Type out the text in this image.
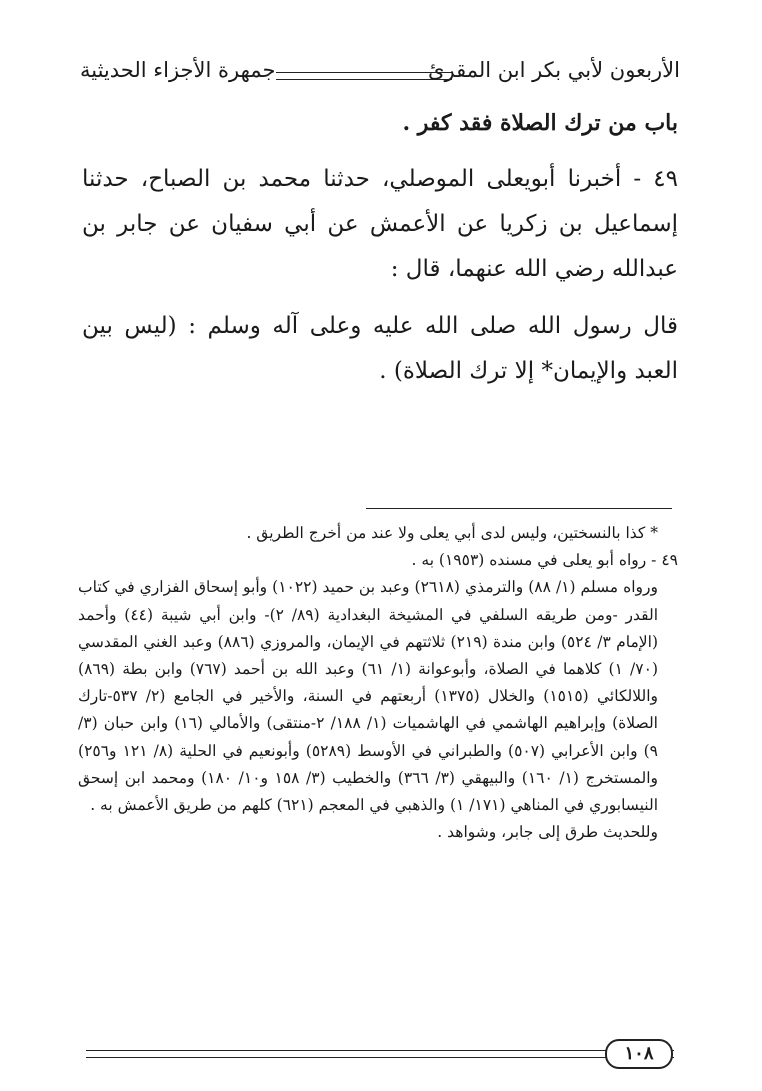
الأربعون لأبي بكر ابن المقرئ
جمهرة الأجزاء الحديثية
باب من ترك الصلاة فقد كفر .

٤٩ - أخبرنا أبويعلى الموصلي، حدثنا محمد بن الصباح، حدثنا إسماعيل بن زكريا عن الأعمش عن أبي سفيان عن جابر بن عبدالله رضي الله عنهما، قال :

قال رسول الله صلى الله عليه وعلى آله وسلم : (ليس بين العبد والإيمان* إلا ترك الصلاة) .

* كذا بالنسختين، وليس لدى أبي يعلى ولا عند من أخرج الطريق .

٤٩ - رواه أبو يعلى في مسنده (١٩٥٣) به .

ورواه مسلم (١/ ٨٨) والترمذي (٢٦١٨) وعبد بن حميد (١٠٢٢) وأبو إسحاق الفزاري في كتاب القدر -ومن طريقه السلفي في المشيخة البغدادية (٨٩/ ٢)- وابن أبي شيبة (٤٤) وأحمد (الإمام ٣/ ٥٢٤) وابن مندة (٢١٩) ثلاثتهم في الإيمان، والمروزي (٨٨٦) وعبد الغني المقدسي (٧٠/ ١) كلاهما في الصلاة، وأبوعوانة (١/ ٦١) وعبد الله بن أحمد (٧٦٧) وابن بطة (٨٦٩) واللالكائي (١٥١٥) والخلال (١٣٧٥) أربعتهم في السنة، والأخير في الجامع (٢/ ٥٣٧-تارك الصلاة) وإبراهيم الهاشمي في الهاشميات (١/ ١٨٨/ ٢-منتقى) والأمالي (١٦) وابن حبان (٣/ ٩) وابن الأعرابي (٥٠٧) والطبراني في الأوسط (٥٢٨٩) وأبونعيم في الحلية (٨/ ١٢١ و٢٥٦) والمستخرج (١/ ١٦٠) والبيهقي (٣/ ٣٦٦) والخطيب (٣/ ١٥٨ و١٠/ ١٨٠) ومحمد ابن إسحق النيسابوري في المناهي (١٧١/ ١) والذهبي في المعجم (٦٢١) كلهم من طريق الأعمش به .

وللحديث طرق إلى جابر، وشواهد .

١٠٨
